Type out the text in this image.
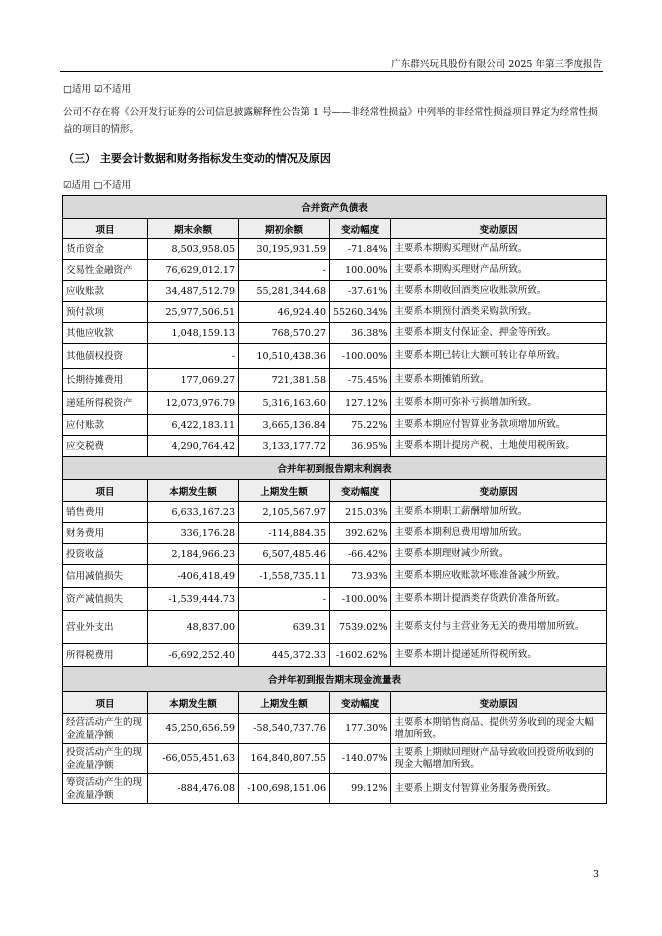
广东群兴玩具股份有限公司 2025 年第三季度报告
□适用 ☑不适用
公司不存在将《公开发行证券的公司信息披露解释性公告第 1 号——非经常性损益》中列举的非经常性损益项目界定为经常性损益的项目的情形。
（三） 主要会计数据和财务指标发生变动的情况及原因
☑适用 □不适用
合并资产负债表				
项目	期末余额	期初余额	变动幅度	变动原因
货币资金	8,503,958.05	30,195,931.59	-71.84%	主要系本期购买理财产品所致。
交易性金融资产	76,629,012.17	-	100.00%	主要系本期购买理财产品所致。
应收账款	34,487,512.79	55,281,344.68	-37.61%	主要系本期收回酒类应收账款所致。
预付款项	25,977,506.51	46,924.40	55260.34%	主要系本期预付酒类采购款所致。
其他应收款	1,048,159.13	768,570.27	36.38%	主要系本期支付保证金、押金等所致。
其他债权投资	-	10,510,438.36	-100.00%	主要系本期已转让大额可转让存单所致。
长期待摊费用	177,069.27	721,381.58	-75.45%	主要系本期摊销所致。
递延所得税资产	12,073,976.79	5,316,163.60	127.12%	主要系本期可弥补亏损增加所致。
应付账款	6,422,183.11	3,665,136.84	75.22%	主要系本期应付智算业务款项增加所致。
应交税费	4,290,764.42	3,133,177.72	36.95%	主要系本期计提房产税、土地使用税所致。
合并年初到报告期末利润表				
项目	本期发生额	上期发生额	变动幅度	变动原因
销售费用	6,633,167.23	2,105,567.97	215.03%	主要系本期职工薪酬增加所致。
财务费用	336,176.28	-114,884.35	392.62%	主要系本期利息费用增加所致。
投资收益	2,184,966.23	6,507,485.46	-66.42%	主要系本期理财减少所致。
信用减值损失	-406,418.49	-1,558,735.11	73.93%	主要系本期应收账款坏账准备减少所致。
资产减值损失	-1,539,444.73	-	-100.00%	主要系本期计提酒类存货跌价准备所致。
营业外支出	48,837.00	639.31	7539.02%	主要系支付与主营业务无关的费用增加所致。
所得税费用	-6,692,252.40	445,372.33	-1602.62%	主要系本期计提递延所得税所致。
合并年初到报告期末现金流量表				
项目	本期发生额	上期发生额	变动幅度	变动原因
经营活动产生的现金流量净额	45,250,656.59	-58,540,737.76	177.30%	主要系本期销售商品、提供劳务收到的现金大幅增加所致。
投资活动产生的现金流量净额	-66,055,451.63	164,840,807.55	-140.07%	主要系上期赎回理财产品导致收回投资所收到的现金大幅增加所致。
筹资活动产生的现金流量净额	-884,476.08	-100,698,151.06	99.12%	主要系上期支付智算业务服务费所致。
3
